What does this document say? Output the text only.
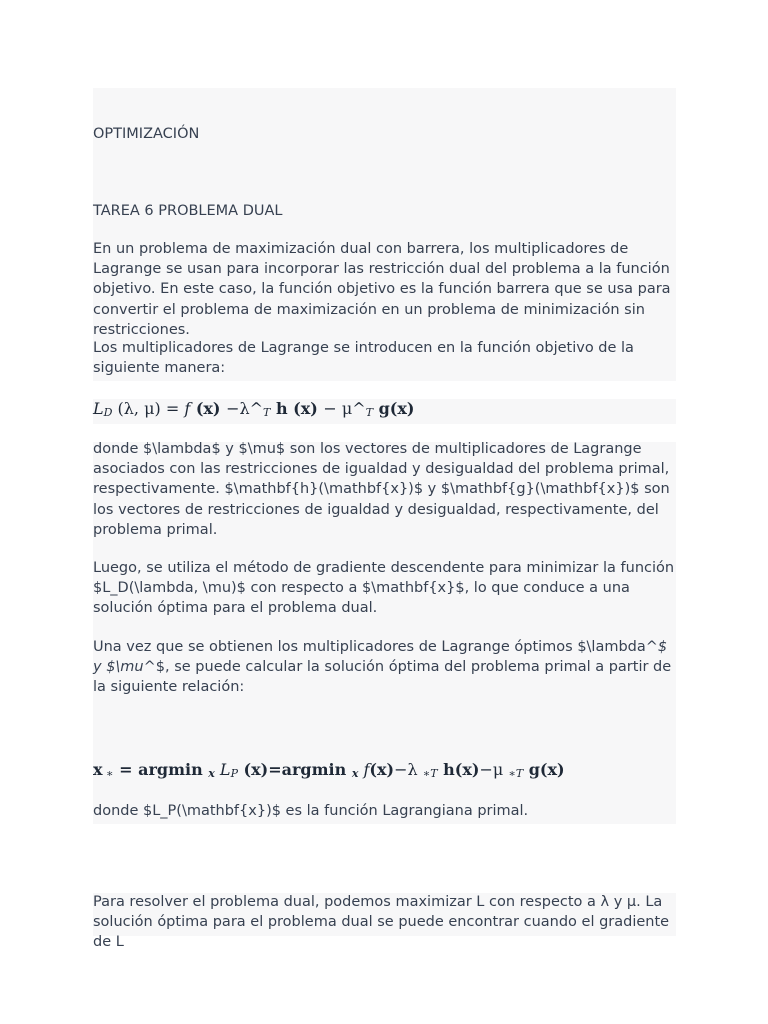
OPTIMIZACIÓN

TAREA 6 PROBLEMA DUAL

En un problema de maximización dual con barrera, los multiplicadores de Lagrange se usan para incorporar las restricción dual del problema a la función objetivo. En este caso, la función objetivo es la función barrera que se usa para convertir el problema de maximización en un problema de minimización sin restricciones.

Los multiplicadores de Lagrange se introducen en la función objetivo de la siguiente manera:

LD (λ, μ) = f (x) −λ^T h (x) − μ^T g(x)

donde $\lambda$ y $\mu$ son los vectores de multiplicadores de Lagrange asociados con las restricciones de igualdad y desigualdad del problema primal, respectivamente. $\mathbf{h}(\mathbf{x})$ y $\mathbf{g}(\mathbf{x})$ son los vectores de restricciones de igualdad y desigualdad, respectivamente, del problema primal.

Luego, se utiliza el método de gradiente descendente para minimizar la función $L_D(\lambda, \mu)$ con respecto a $\mathbf{x}$, lo que conduce a una solución óptima para el problema dual.

Una vez que se obtienen los multiplicadores de Lagrange óptimos $\lambda^$ y $\mu^$, se puede calcular la solución óptima del problema primal a partir de la siguiente relación:

x ∗ = argmin x LP (x)=argmin x f(x)−λ ∗T h(x)−μ ∗T g(x)

donde $L_P(\mathbf{x})$ es la función Lagrangiana primal.

Para resolver el problema dual, podemos maximizar L con respecto a λ y μ. La solución óptima para el problema dual se puede encontrar cuando el gradiente de L
